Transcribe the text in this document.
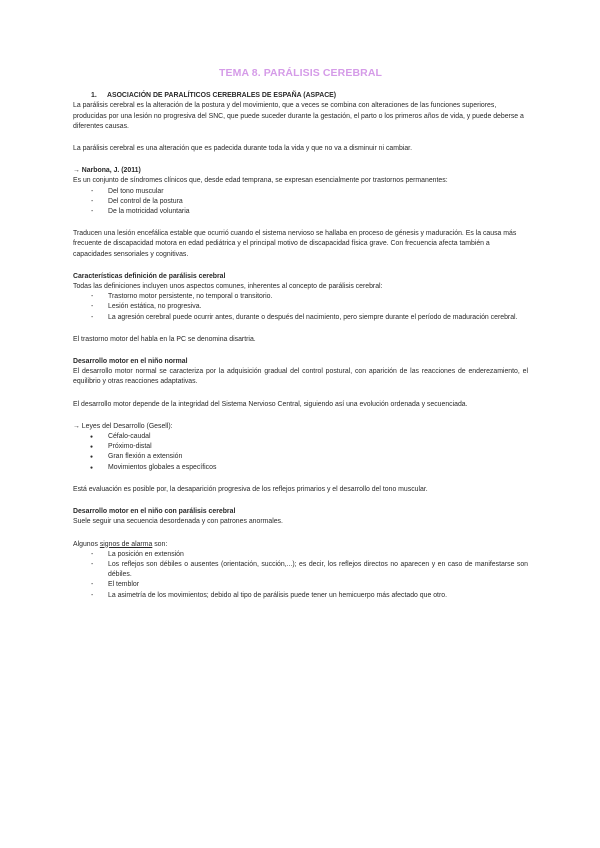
TEMA 8. PARÁLISIS CEREBRAL

1. ASOCIACIÓN DE PARALÍTICOS CEREBRALES DE ESPAÑA (ASPACE)

La parálisis cerebral es la alteración de la postura y del movimiento, que a veces se combina con alteraciones de las funciones superiores, producidas por una lesión no progresiva del SNC, que puede suceder durante la gestación, el parto o los primeros años de vida, y puede deberse a diferentes causas.

La parálisis cerebral es una alteración que es padecida durante toda la vida y que no va a disminuir ni cambiar.

→ Narbona, J. (2011)

Es un conjunto de síndromes clínicos que, desde edad temprana, se expresan esencialmente por trastornos permanentes:

- Del tono muscular
- Del control de la postura
- De la motricidad voluntaria

Traducen una lesión encefálica estable que ocurrió cuando el sistema nervioso se hallaba en proceso de génesis y maduración. Es la causa más frecuente de discapacidad motora en edad pediátrica y el principal motivo de discapacidad física grave. Con frecuencia afecta también a capacidades sensoriales y cognitivas.

Características definición de parálisis cerebral

Todas las definiciones incluyen unos aspectos comunes, inherentes al concepto de parálisis cerebral:

- Trastorno motor persistente, no temporal o transitorio.
- Lesión estática, no progresiva.
- La agresión cerebral puede ocurrir antes, durante o después del nacimiento, pero siempre durante el período de maduración cerebral.

El trastorno motor del habla en la PC se denomina disartria.

Desarrollo motor en el niño normal

El desarrollo motor normal se caracteriza por la adquisición gradual del control postural, con aparición de las reacciones de enderezamiento, el equilibrio y otras reacciones adaptativas.

El desarrollo motor depende de la integridad del Sistema Nervioso Central, siguiendo así una evolución ordenada y secuenciada.

→ Leyes del Desarrollo (Gesell):

● Céfalo-caudal
● Próximo-distal
● Gran flexión a extensión
● Movimientos globales a específicos

Está evaluación es posible por, la desaparición progresiva de los reflejos primarios y el desarrollo del tono muscular.

Desarrollo motor en el niño con parálisis cerebral

Suele seguir una secuencia desordenada y con patrones anormales.

Algunos signos de alarma son:

- La posición en extensión
- Los reflejos son débiles o ausentes (orientación, succión,...); es decir, los reflejos directos no aparecen y en caso de manifestarse son débiles.
- El temblor
- La asimetría de los movimientos; debido al tipo de parálisis puede tener un hemicuerpo más afectado que otro.
